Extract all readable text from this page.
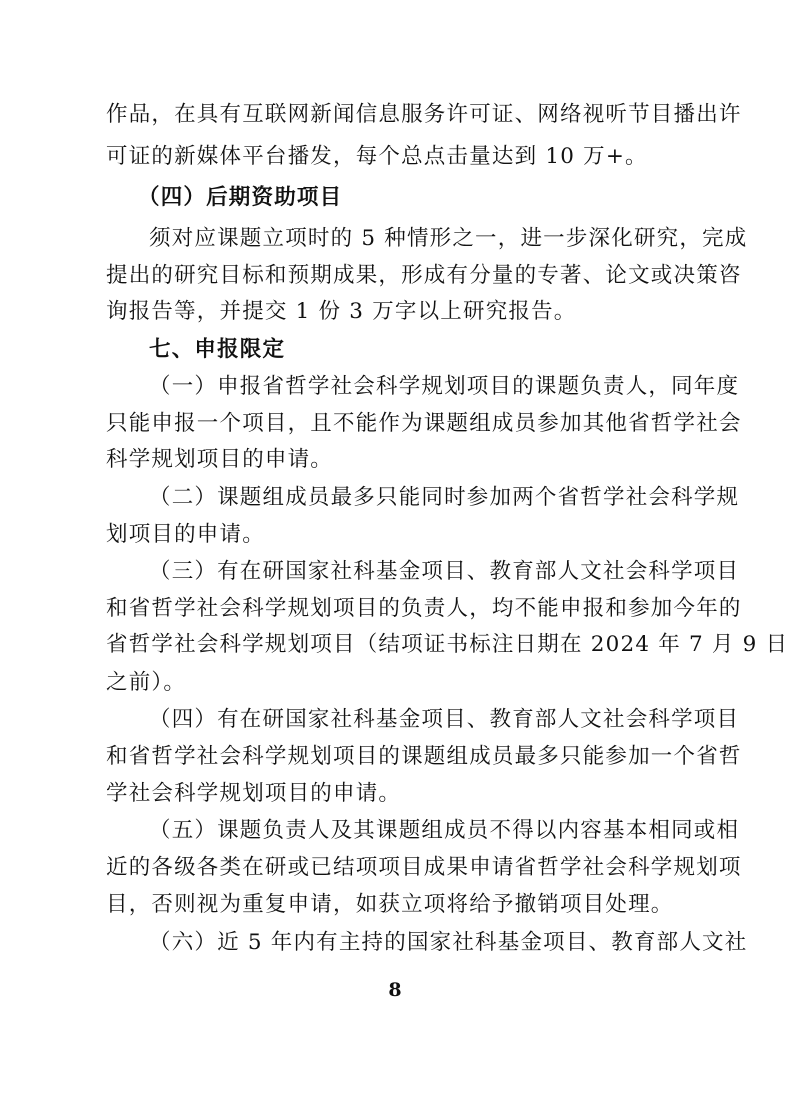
作品，在具有互联网新闻信息服务许可证、网络视听节目播出许
可证的新媒体平台播发，每个总点击量达到 10 万+。
（四）后期资助项目
须对应课题立项时的 5 种情形之一，进一步深化研究，完成
提出的研究目标和预期成果，形成有分量的专著、论文或决策咨
询报告等，并提交 1 份 3 万字以上研究报告。
七、申报限定
（一）申报省哲学社会科学规划项目的课题负责人，同年度
只能申报一个项目，且不能作为课题组成员参加其他省哲学社会
科学规划项目的申请。
（二）课题组成员最多只能同时参加两个省哲学社会科学规
划项目的申请。
（三）有在研国家社科基金项目、教育部人文社会科学项目
和省哲学社会科学规划项目的负责人，均不能申报和参加今年的
省哲学社会科学规划项目（结项证书标注日期在 2024 年 7 月 9 日
之前）。
（四）有在研国家社科基金项目、教育部人文社会科学项目
和省哲学社会科学规划项目的课题组成员最多只能参加一个省哲
学社会科学规划项目的申请。
（五）课题负责人及其课题组成员不得以内容基本相同或相
近的各级各类在研或已结项项目成果申请省哲学社会科学规划项
目，否则视为重复申请，如获立项将给予撤销项目处理。
（六）近 5 年内有主持的国家社科基金项目、教育部人文社
8
